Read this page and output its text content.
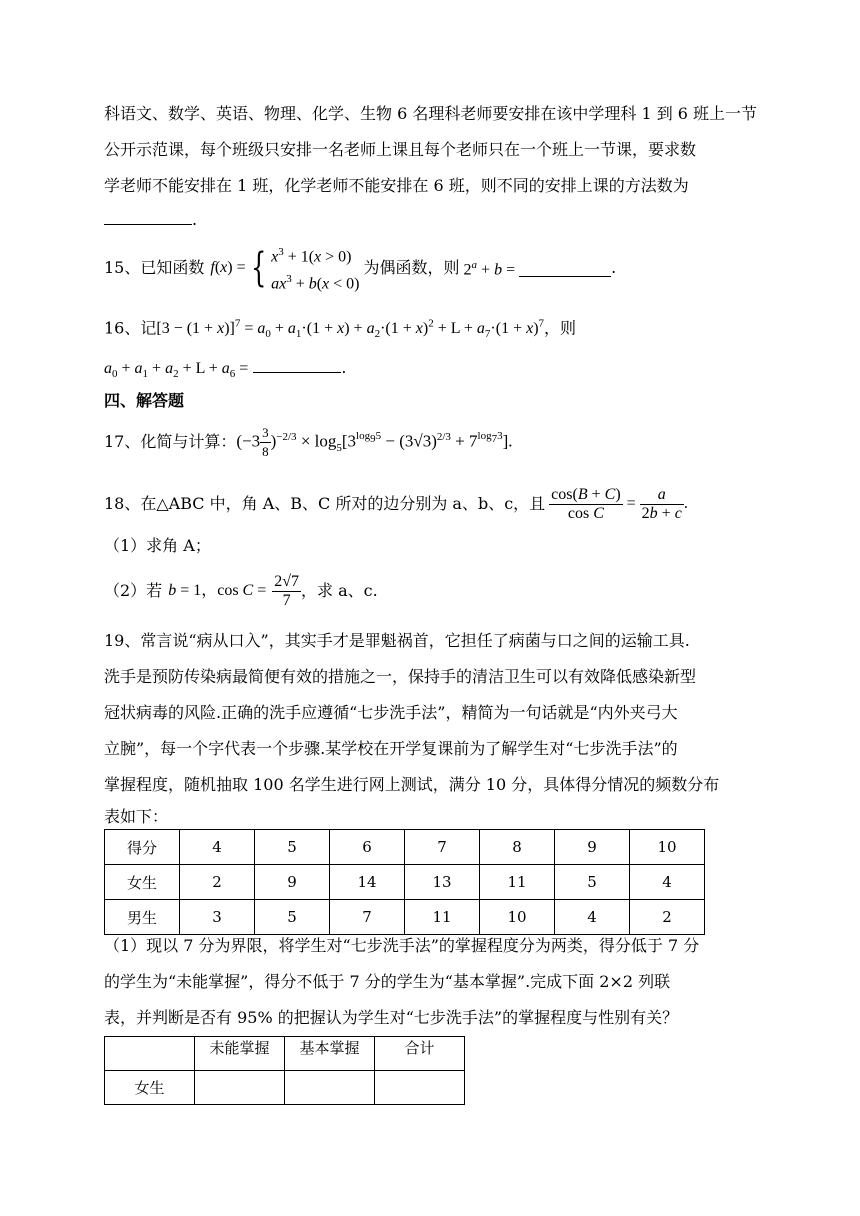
科语文、数学、英语、物理、化学、生物 6 名理科老师要安排在该中学理科 1 到 6 班上一节
公开示范课，每个班级只安排一名老师上课且每个老师只在一个班上一节课，要求数
学老师不能安排在 1 班，化学老师不能安排在 6 班，则不同的安排上课的方法数为
.
15、已知函数 f(x) = { $x^3 + 1(x > 0)$
$ax^3 + b(x < 0)$
为偶函数，则 $2^a + b$ =	.
16、记$[3 - (1 + x)]^7 = a_0 + a_1\cdot(1 + x) + a_2\cdot(1 + x)^2 + L + a_7\cdot(1 + x)^7$，则
$a_0 + a_1 + a_2 + L + a_6$ =	.
四、解答题
17、化简与计算： $(-3 \frac{3}{8} )^{-2/3} \times \log_5[3^{log_95} - (3√3)^{2/3} + 7^{log_73}]$.
18、在△ABC 中，角 A、B、C 所对的边分别为 a、b、c，且 $\frac{\cos(B + C)}{\text{cos C}} = \frac{a}{2b + c}$ .
（1）求角 A；
（2）若 b = 1，$\cos C = \frac{2√7}{7}$ ，求 a、c.
19、常言说“病从口入”，其实手才是罪魁祸首，它担任了病菌与口之间的运输工具.
洗手是预防传染病最简便有效的措施之一，保持手的清洁卫生可以有效降低感染新型
冠状病毒的风险.正确的洗手应遵循“七步洗手法”，精简为一句话就是“内外夹弓大
立腕”，每一个字代表一个步骤.某学校在开学复课前为了解学生对“七步洗手法”的
掌握程度，随机抽取 100 名学生进行网上测试，满分 10 分，具体得分情况的频数分布
表如下：
得分	4	5	6	7	8	9	10
女生	2	9	14	13	11	5	4
男生	3	5	7	11	10	4	2
（1）现以 7 分为界限，将学生对“七步洗手法”的掌握程度分为两类，得分低于 7 分
的学生为“未能掌握”，得分不低于 7 分的学生为“基本掌握”.完成下面 2×2 列联
表，并判断是否有 95% 的把握认为学生对“七步洗手法”的掌握程度与性别有关？
	未能掌握	基本掌握	合计
女生			
